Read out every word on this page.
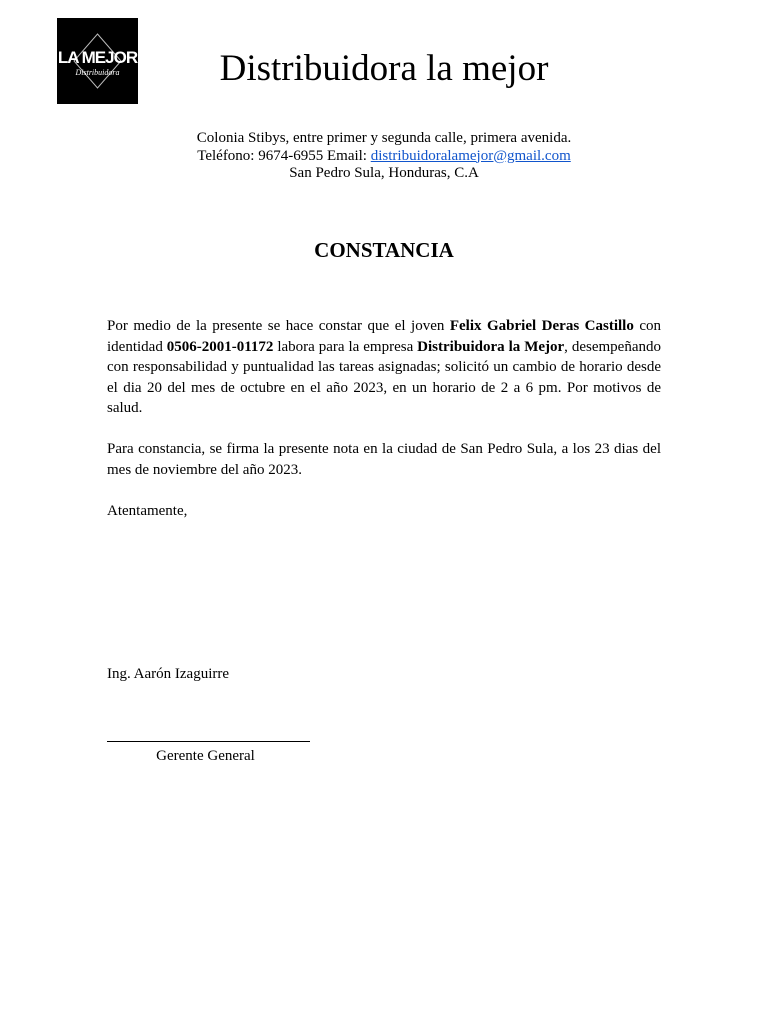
LA MEJOR
Distribuidora	Distribuidora la mejor
Colonia Stibys, entre primer y segunda calle, primera avenida.
Teléfono: 9674-6955 Email: distribuidoralamejor@gmail.com
San Pedro Sula, Honduras, C.A
CONSTANCIA

Por medio de la presente se hace constar que el joven Felix Gabriel Deras Castillo con identidad 0506-2001-01172 labora para la empresa Distribuidora la Mejor, desempeñando con responsabilidad y puntualidad las tareas asignadas; solicitó un cambio de horario desde el dia 20 del mes de octubre en el año 2023, en un horario de 2 a 6 pm. Por motivos de salud.

Para constancia, se firma la presente nota en la ciudad de San Pedro Sula, a los 23 dias del mes de noviembre del año 2023.

Atentamente,

Ing. Aarón Izaguirre
Gerente General
